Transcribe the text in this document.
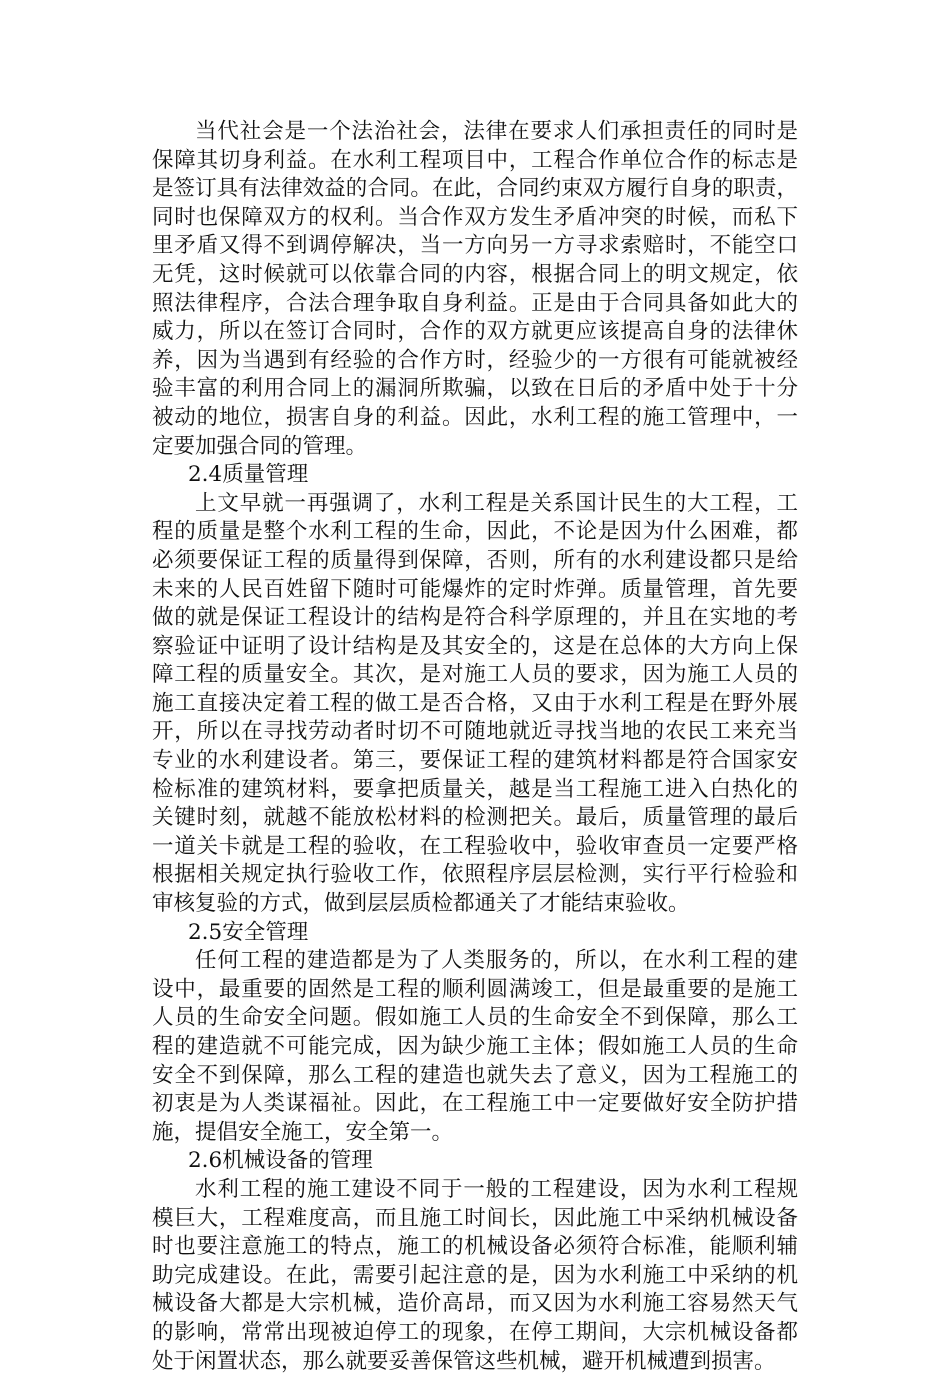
当代社会是一个法治社会，法律在要求人们承担责任的同时是
保障其切身利益。在水利工程项目中，工程合作单位合作的标志是
是签订具有法律效益的合同。在此，合同约束双方履行自身的职责，
同时也保障双方的权利。当合作双方发生矛盾冲突的时候，而私下
里矛盾又得不到调停解决，当一方向另一方寻求索赔时，不能空口
无凭，这时候就可以依靠合同的内容，根据合同上的明文规定，依
照法律程序，合法合理争取自身利益。正是由于合同具备如此大的
威力，所以在签订合同时，合作的双方就更应该提高自身的法律休
养，因为当遇到有经验的合作方时，经验少的一方很有可能就被经
验丰富的利用合同上的漏洞所欺骗，以致在日后的矛盾中处于十分
被动的地位，损害自身的利益。因此，水利工程的施工管理中，一
定要加强合同的管理。
2.4质量管理
上文早就一再强调了，水利工程是关系国计民生的大工程，工
程的质量是整个水利工程的生命，因此，不论是因为什么困难，都
必须要保证工程的质量得到保障，否则，所有的水利建设都只是给
未来的人民百姓留下随时可能爆炸的定时炸弹。质量管理，首先要
做的就是保证工程设计的结构是符合科学原理的，并且在实地的考
察验证中证明了设计结构是及其安全的，这是在总体的大方向上保
障工程的质量安全。其次，是对施工人员的要求，因为施工人员的
施工直接决定着工程的做工是否合格，又由于水利工程是在野外展
开，所以在寻找劳动者时切不可随地就近寻找当地的农民工来充当
专业的水利建设者。第三，要保证工程的建筑材料都是符合国家安
检标准的建筑材料，要拿把质量关，越是当工程施工进入白热化的
关键时刻，就越不能放松材料的检测把关。最后，质量管理的最后
一道关卡就是工程的验收，在工程验收中，验收审查员一定要严格
根据相关规定执行验收工作，依照程序层层检测，实行平行检验和
审核复验的方式，做到层层质检都通关了才能结束验收。
2.5安全管理
任何工程的建造都是为了人类服务的，所以，在水利工程的建
设中，最重要的固然是工程的顺利圆满竣工，但是最重要的是施工
人员的生命安全问题。假如施工人员的生命安全不到保障，那么工
程的建造就不可能完成，因为缺少施工主体；假如施工人员的生命
安全不到保障，那么工程的建造也就失去了意义，因为工程施工的
初衷是为人类谋福祉。因此，在工程施工中一定要做好安全防护措
施，提倡安全施工，安全第一。
2.6机械设备的管理
水利工程的施工建设不同于一般的工程建设，因为水利工程规
模巨大，工程难度高，而且施工时间长，因此施工中采纳机械设备
时也要注意施工的特点，施工的机械设备必须符合标准，能顺利辅
助完成建设。在此，需要引起注意的是，因为水利施工中采纳的机
械设备大都是大宗机械，造价高昂，而又因为水利施工容易然天气
的影响，常常出现被迫停工的现象，在停工期间，大宗机械设备都
处于闲置状态，那么就要妥善保管这些机械，避开机械遭到损害。
